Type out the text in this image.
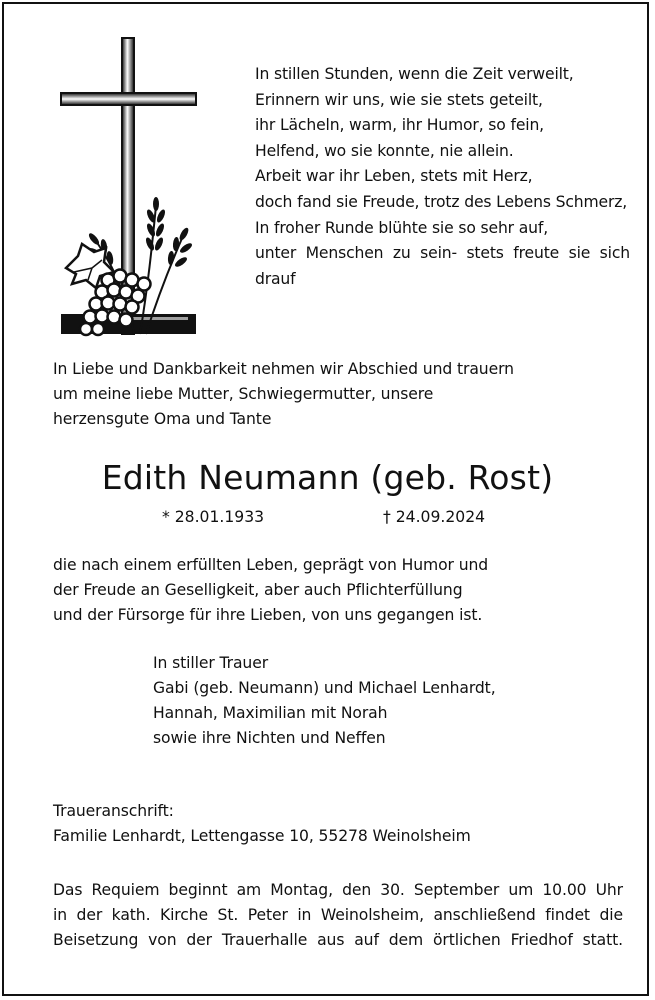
In stillen Stunden, wenn die Zeit verweilt,
Erinnern wir uns, wie sie stets geteilt,
ihr Lächeln, warm, ihr Humor, so fein,
Helfend, wo sie konnte, nie allein.
Arbeit war ihr Leben, stets mit Herz,
doch fand sie Freude, trotz des Lebens Schmerz,
In froher Runde blühte sie so sehr auf,
unter Menschen zu sein- stets freute sie sich
drauf
In Liebe und Dankbarkeit nehmen wir Abschied und trauern
um meine liebe Mutter, Schwiegermutter, unsere
herzensgute Oma und Tante
Edith Neumann (geb. Rost)
* 28.01.1933	† 24.09.2024
die nach einem erfüllten Leben, geprägt von Humor und
der Freude an Geselligkeit, aber auch Pflichterfüllung
und der Fürsorge für ihre Lieben, von uns gegangen ist.
In stiller Trauer
Gabi (geb. Neumann) und Michael Lenhardt,
Hannah, Maximilian mit Norah
sowie ihre Nichten und Neffen
Traueranschrift:
Familie Lenhardt, Lettengasse 10, 55278 Weinolsheim
Das Requiem beginnt am Montag, den 30. September um 10.00 Uhr
in der kath. Kirche St. Peter in Weinolsheim, anschließend findet die
Beisetzung von der Trauerhalle aus auf dem örtlichen Friedhof statt.
